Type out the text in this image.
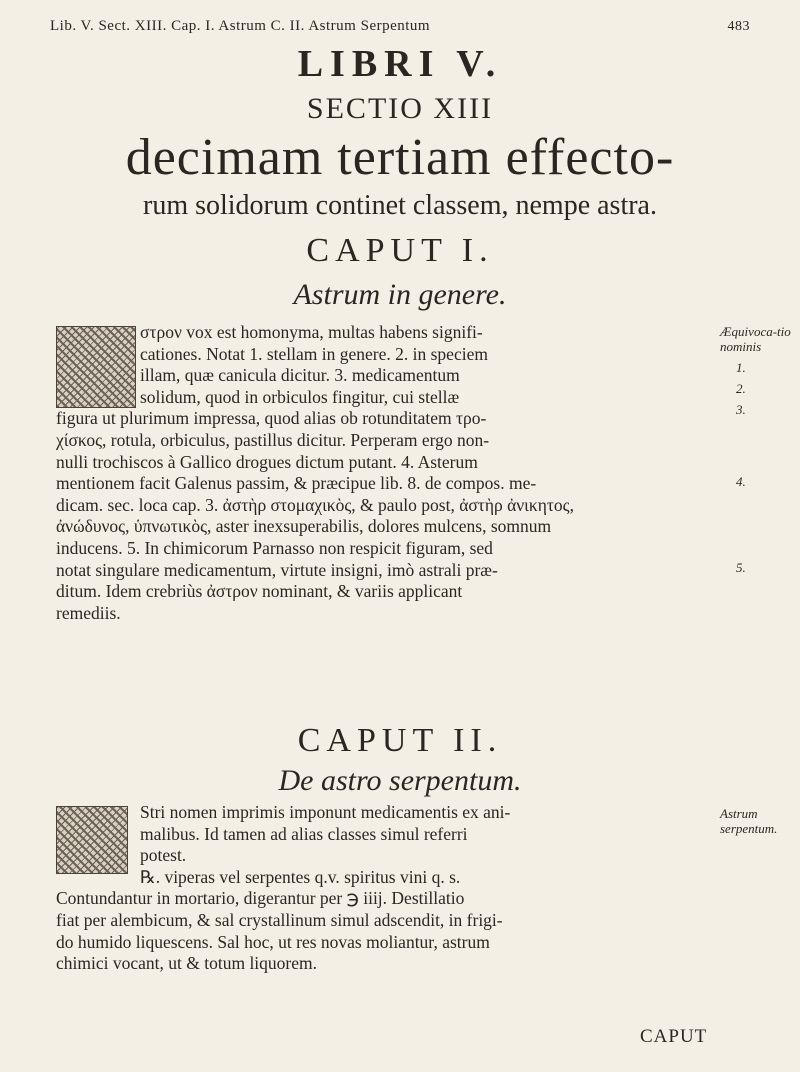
Lib. V. Sect. XIII. Cap. I. Astrum C. II. Astrum Serpentum	483
LIBRI V.
SECTIO XIII
decimam tertiam effecto-
rum solidorum continet classem, nempe astra.
CAPUT I.
Astrum in genere.
στρον vox est homonyma, multas habens signifi-
cationes. Notat 1. stellam in genere. 2. in speciem
illam, quæ canicula dicitur. 3. medicamentum
solidum, quod in orbiculos fingitur, cui stellæ
figura ut plurimum impressa, quod alias ob rotunditatem τρο-
χίσκος, rotula, orbiculus, pastillus dicitur. Perperam ergo non-
nulli trochiscos à Gallico drogues dictum putant. 4. Asterum
mentionem facit Galenus passim, & præcipue lib. 8. de compos. me-
dicam. sec. loca cap. 3. ἀστὴρ στομαχικὸς, & paulo post, ἀστὴρ ἀνικητος,
ἀνώδυνος, ὑπνωτικὸς, aster inexsuperabilis, dolores mulcens, somnum
inducens. 5. In chimicorum Parnasso non respicit figuram, sed
notat singulare medicamentum, virtute insigni, imò astrali præ-
ditum. Idem crebriùs ἀστρον nominant, & variis applicant
remediis.
Æquivoca-tio nominis
1.
2.
3.
4.
5.
CAPUT II.
De astro serpentum.
Stri nomen imprimis imponunt medicamentis ex ani-
malibus. Id tamen ad alias classes simul referri
potest.
℞. viperas vel serpentes q.v. spiritus vini q. s.
Contundantur in mortario, digerantur per ℈ iiij. Destillatio
fiat per alembicum, & sal crystallinum simul adscendit, in frigi-
do humido liquescens. Sal hoc, ut res novas moliantur, astrum
chimici vocant, ut & totum liquorem.
Astrum serpentum.
CAPUT
